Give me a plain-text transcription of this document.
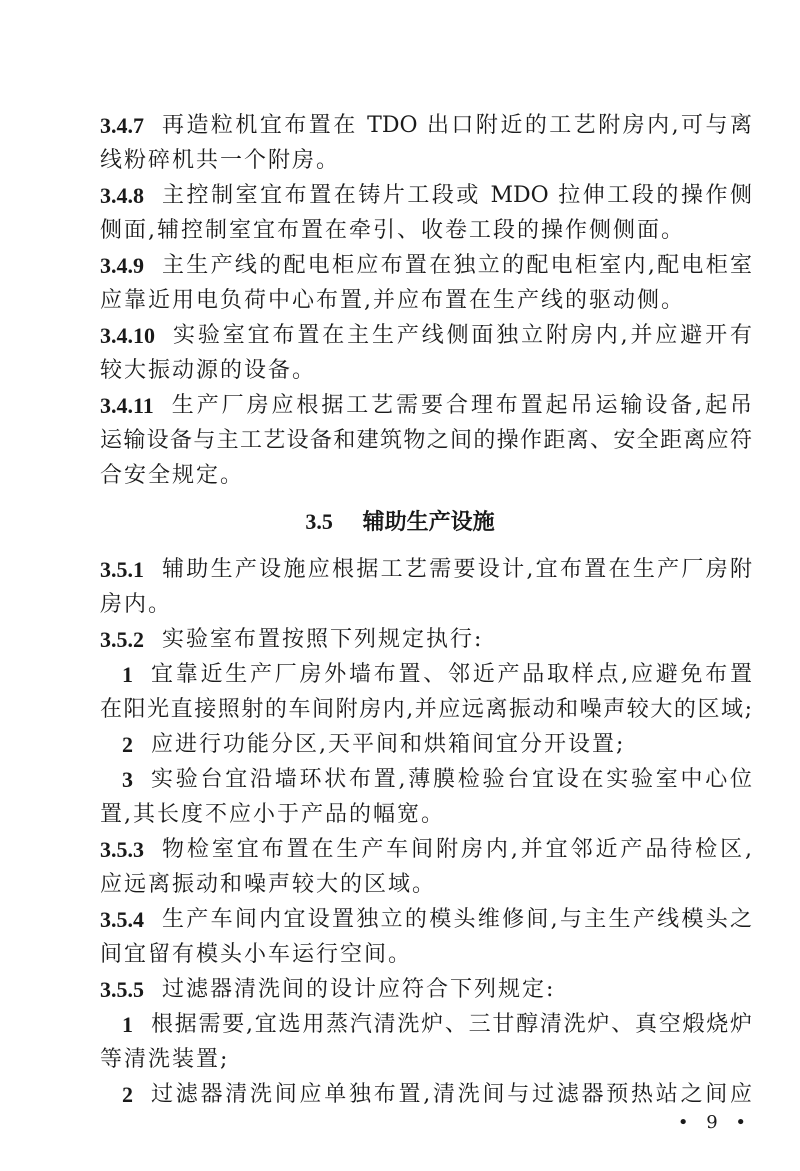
3.4.7 再造粒机宜布置在 TDO 出口附近的工艺附房内,可与离
线粉碎机共一个附房。
3.4.8 主控制室宜布置在铸片工段或 MDO 拉伸工段的操作侧
侧面,辅控制室宜布置在牵引、收卷工段的操作侧侧面。
3.4.9 主生产线的配电柜应布置在独立的配电柜室内,配电柜室
应靠近用电负荷中心布置,并应布置在生产线的驱动侧。
3.4.10 实验室宜布置在主生产线侧面独立附房内,并应避开有
较大振动源的设备。
3.4.11 生产厂房应根据工艺需要合理布置起吊运输设备,起吊
运输设备与主工艺设备和建筑物之间的操作距离、安全距离应符
合安全规定。
3.5 辅助生产设施
3.5.1 辅助生产设施应根据工艺需要设计,宜布置在生产厂房附
房内。
3.5.2 实验室布置按照下列规定执行:
1 宜靠近生产厂房外墙布置、邻近产品取样点,应避免布置
在阳光直接照射的车间附房内,并应远离振动和噪声较大的区域;
2 应进行功能分区,天平间和烘箱间宜分开设置;
3 实验台宜沿墙环状布置,薄膜检验台宜设在实验室中心位
置,其长度不应小于产品的幅宽。
3.5.3 物检室宜布置在生产车间附房内,并宜邻近产品待检区,
应远离振动和噪声较大的区域。
3.5.4 生产车间内宜设置独立的模头维修间,与主生产线模头之
间宜留有模头小车运行空间。
3.5.5 过滤器清洗间的设计应符合下列规定:
1 根据需要,宜选用蒸汽清洗炉、三甘醇清洗炉、真空煅烧炉
等清洗装置;
2 过滤器清洗间应单独布置,清洗间与过滤器预热站之间应
• 9 •
